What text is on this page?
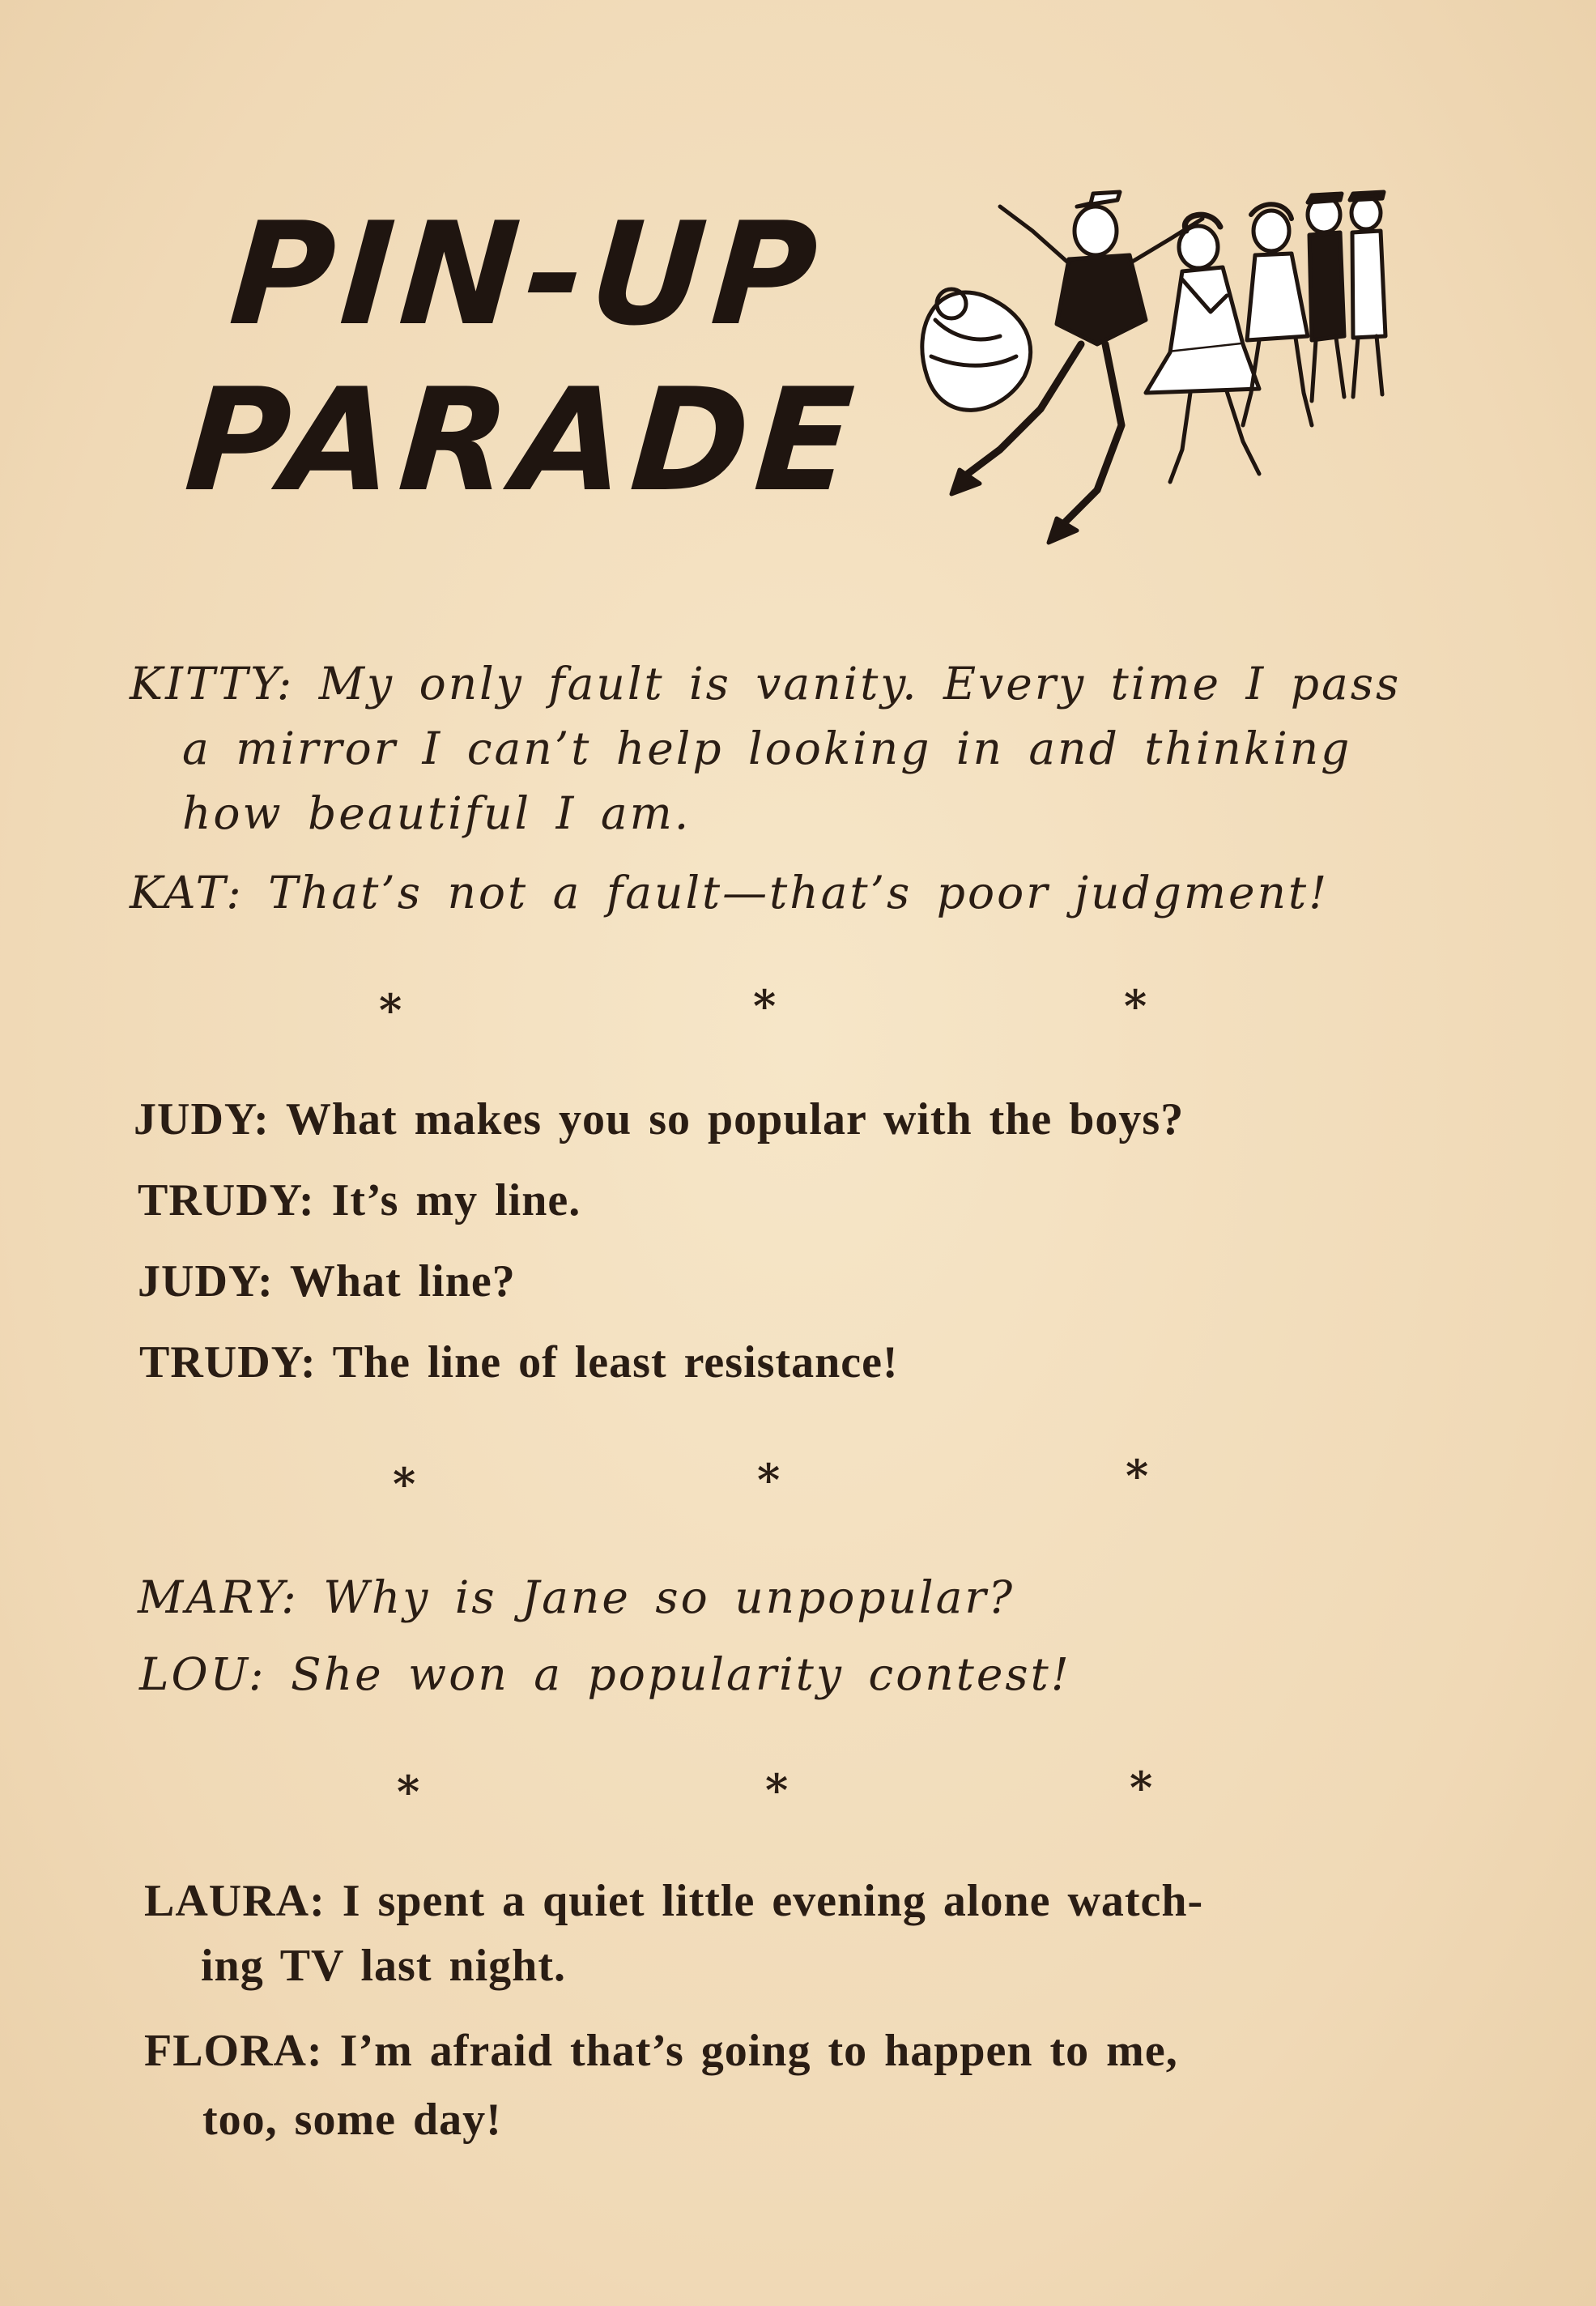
PIN-UP
PARADE
KITTY: My only fault is vanity. Every time I pass
a mirror I can’t help looking in and thinking
how beautiful I am.
KAT: That’s not a fault—that’s poor judgment!
*	*	*
JUDY: What makes you so popular with the boys?
TRUDY: It’s my line.
JUDY: What line?
TRUDY: The line of least resistance!
*	*	*
MARY: Why is Jane so unpopular?
LOU: She won a popularity contest!
*	*	*
LAURA: I spent a quiet little evening alone watch-
ing TV last night.
FLORA: I’m afraid that’s going to happen to me,
too, some day!
